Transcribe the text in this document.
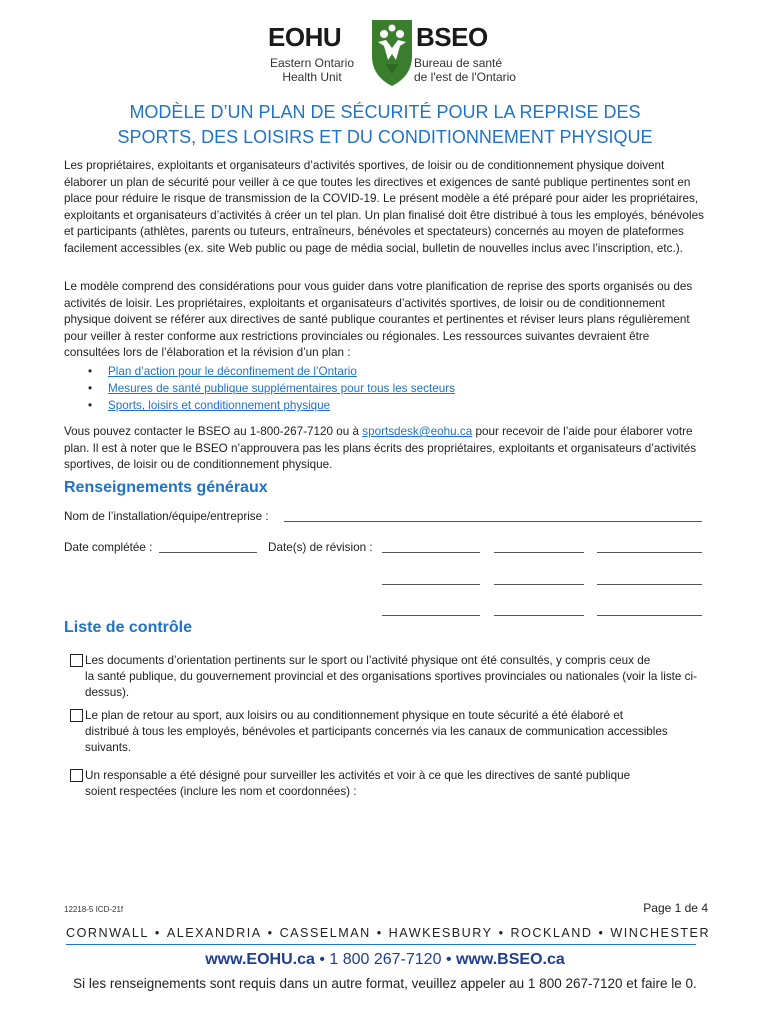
EOHU	BSEO
Eastern Ontario
Health Unit
Bureau de santé
de l'est de l'Ontario
MODÈLE D’UN PLAN DE SÉCURITÉ POUR LA REPRISE DES
SPORTS, DES LOISIRS ET DU CONDITIONNEMENT PHYSIQUE

Les propriétaires, exploitants et organisateurs d’activités sportives, de loisir ou de conditionnement physique doivent élaborer un plan de sécurité pour veiller à ce que toutes les directives et exigences de santé publique pertinentes sont en place pour réduire le risque de transmission de la COVID-19. Le présent modèle a été préparé pour aider les propriétaires, exploitants et organisateurs d’activités à créer un tel plan. Un plan finalisé doit être distribué à tous les employés, bénévoles et participants (athlètes, parents ou tuteurs, entraîneurs, bénévoles et spectateurs) concernés au moyen de plateformes facilement accessibles (ex. site Web public ou page de média social, bulletin de nouvelles inclus avec l’inscription, etc.).

Le modèle comprend des considérations pour vous guider dans votre planification de reprise des sports organisés ou des activités de loisir. Les propriétaires, exploitants et organisateurs d’activités sportives, de loisir ou de conditionnement physique doivent se référer aux directives de santé publique courantes et pertinentes et réviser leurs plans régulièrement pour veiller à rester conforme aux restrictions provinciales ou régionales. Les ressources suivantes devraient être consultées lors de l’élaboration et la révision d’un plan :

• Plan d’action pour le déconfinement de l’Ontario
• Mesures de santé publique supplémentaires pour tous les secteurs
• Sports, loisirs et conditionnement physique

Vous pouvez contacter le BSEO au 1-800-267-7120 ou à sportsdesk@eohu.ca pour recevoir de l’aide pour élaborer votre plan. Il est à noter que le BSEO n’approuvera pas les plans écrits des propriétaires, exploitants et organisateurs d’activités sportives, de loisir ou de conditionnement physique.

Renseignements généraux
Nom de l’installation/équipe/entreprise :
Date complétée :	Date(s) de révision :
Liste de contrôle
Les documents d’orientation pertinents sur le sport ou l’activité physique ont été consultés, y compris ceux de
la santé publique, du gouvernement provincial et des organisations sportives provinciales ou nationales (voir la liste ci-dessus).
Le plan de retour au sport, aux loisirs ou au conditionnement physique en toute sécurité a été élaboré et
distribué à tous les employés, bénévoles et participants concernés via les canaux de communication accessibles suivants.
Un responsable a été désigné pour surveiller les activités et voir à ce que les directives de santé publique
soient respectées (inclure les nom et coordonnées) :
12218-5 ICD-21f	Page 1 de 4
CORNWALL • ALEXANDRIA • CASSELMAN • HAWKESBURY • ROCKLAND • WINCHESTER
www.EOHU.ca • 1 800 267-7120 • www.BSEO.ca
Si les renseignements sont requis dans un autre format, veuillez appeler au 1 800 267-7120 et faire le 0.
